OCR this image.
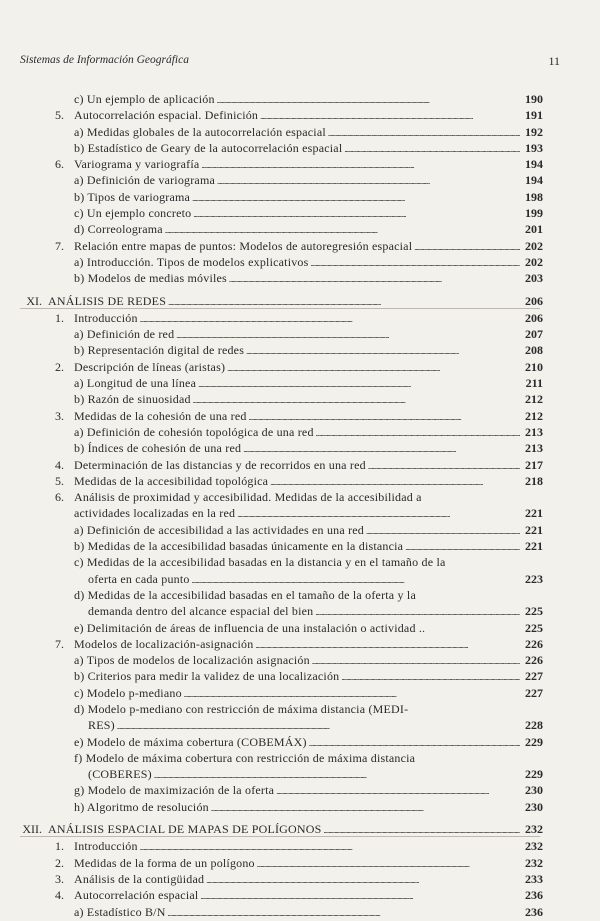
Sistemas de Información Geográfica	11
c) Un ejemplo de aplicación . . .	190
5. Autocorrelación espacial. Definición . . .	191
a) Medidas globales de la autocorrelación espacial . . .	192
b) Estadístico de Geary de la autocorrelación espacial . . .	193
6. Variograma y variografía . . .	194
a) Definición de variograma . . .	194
b) Tipos de variograma . . .	198
c) Un ejemplo concreto . . .	199
d) Correolograma . . .	201
7. Relación entre mapas de puntos: Modelos de autoregresión espacial . . .	202
a) Introducción. Tipos de modelos explicativos . . .	202
b) Modelos de medias móviles . . .	203
XI. ANÁLISIS DE REDES . . .	206
1. Introducción . . .	206
a) Definición de red . . .	207
b) Representación digital de redes . . .	208
2. Descripción de líneas (aristas) . . .	210
a) Longitud de una línea . . .	211
b) Razón de sinuosidad . . .	212
3. Medidas de la cohesión de una red . . .	212
a) Definición de cohesión topológica de una red . . .	213
b) Índices de cohesión de una red . . .	213
4. Determinación de las distancias y de recorridos en una red . . .	217
5. Medidas de la accesibilidad topológica . . .	218
6. Análisis de proximidad y accesibilidad. Medidas de la accesibilidad a
actividades localizadas en la red . . .	221
a) Definición de accesibilidad a las actividades en una red . . .	221
b) Medidas de la accesibilidad basadas únicamente en la distancia . . .	221
c) Medidas de la accesibilidad basadas en la distancia y en el tamaño de la
oferta en cada punto . . .	223
d) Medidas de la accesibilidad basadas en el tamaño de la oferta y la
demanda dentro del alcance espacial del bien . . .	225
e) Delimitación de áreas de influencia de una instalación o actividad ..	225
7. Modelos de localización-asignación . . .	226
a) Tipos de modelos de localización asignación . . .	226
b) Criterios para medir la validez de una localización . . .	227
c) Modelo p-mediano . . .	227
d) Modelo p-mediano con restricción de máxima distancia (MEDI-
RES) . . .	228
e) Modelo de máxima cobertura (COBEMÁX) . . .	229
f) Modelo de máxima cobertura con restricción de máxima distancia
(COBERES) . . .	229
g) Modelo de maximización de la oferta . . .	230
h) Algoritmo de resolución . . .	230
XII. ANÁLISIS ESPACIAL DE MAPAS DE POLÍGONOS . . .	232
1. Introducción . . .	232
2. Medidas de la forma de un polígono . . .	232
3. Análisis de la contigüidad . . .	233
4. Autocorrelación espacial . . .	236
a) Estadístico B/N . . .	236
